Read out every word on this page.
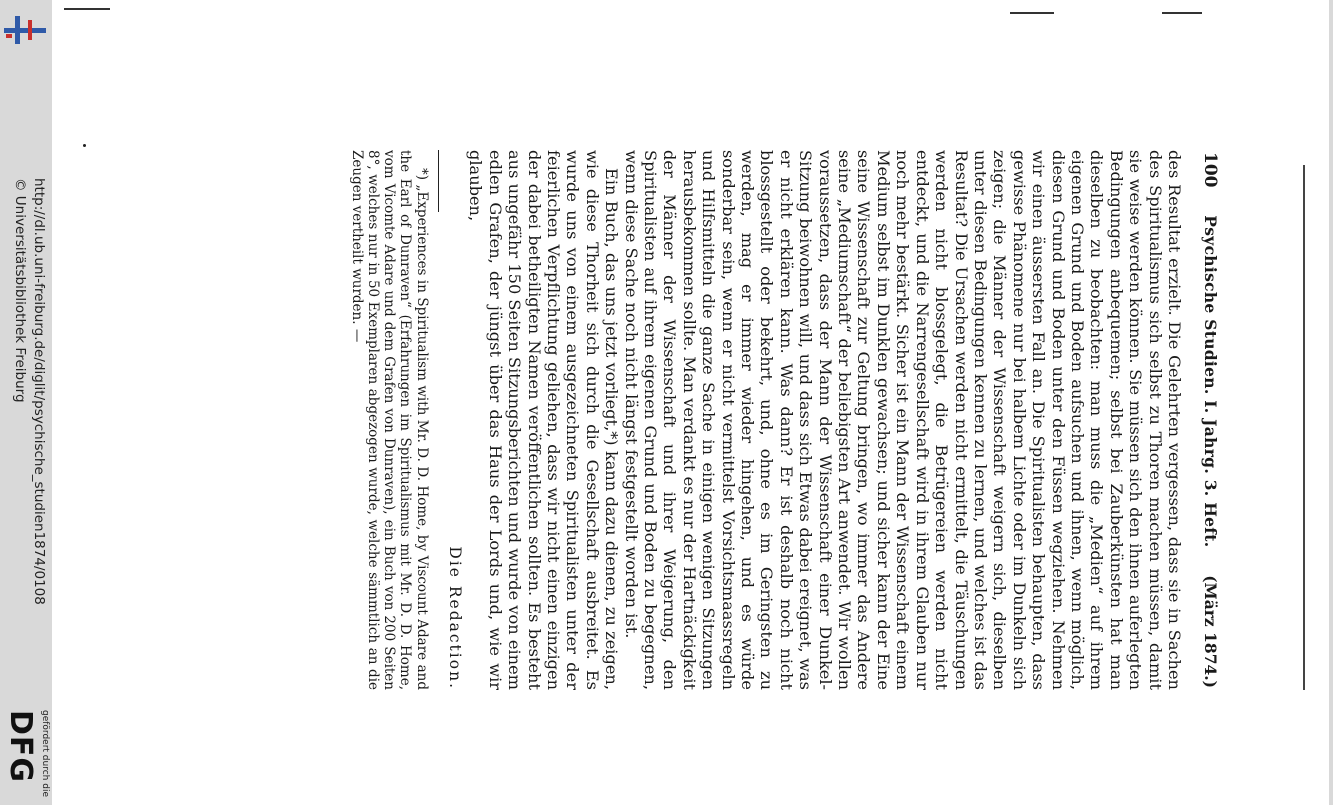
http://dl.ub.uni-freiburg.de/diglit/psychische_studien1874/0108
© Universitätsbibliothek Freiburg
gefördert durch die
DFG
100
Psychische Studien. I. Jahrg. 3. Heft.
(März 1874.)

des Resultat erzielt. Die Gelehrten vergessen, dass sie in Sachen des Spiritualismus sich selbst zu Thoren machen müssen, damit sie weise werden können. Sie müssen sich den ihnen auferlegten Bedingungen anbequemen; selbst bei Zauberkünsten hat man dieselben zu beobachten: man muss die „Medien“ auf ihrem eigenen Grund und Boden aufsuchen und ihnen, wenn möglich, diesen Grund und Boden unter den Füssen wegziehen. Nehmen wir einen äussersten Fall an. Die Spiritualisten behaupten, dass gewisse Phänomene nur bei halbem Lichte oder im Dunkeln sich zeigen; die Männer der Wissenschaft weigern sich, dieselben unter diesen Bedingungen kennen zu lernen, und welches ist das Resultat? Die Ursachen werden nicht ermittelt, die Täuschungen werden nicht blossgelegt, die Betrügereien werden nicht entdeckt, und die Narrengesellschaft wird in ihrem Glauben nur noch mehr bestärkt. Sicher ist ein Mann der Wissenschaft einem Medium selbst im Dunklen gewachsen; und sicher kann der Eine seine Wissenschaft zur Geltung bringen, wo immer das Andere seine „Mediumschaft“ der beliebigsten Art anwendet. Wir wollen voraussetzen, dass der Mann der Wissenschaft einer Dunkel-Sitzung beiwohnen will, und dass sich Etwas dabei ereignet, was er nicht erklären kann. Was dann? Er ist deshalb noch nicht blossgestellt oder bekehrt, und, ohne es im Geringsten zu werden, mag er immer wieder hingehen, und es würde sonderbar sein, wenn er nicht vermittelst Vorsichtsmaassregeln und Hilfsmitteln die ganze Sache in einigen wenigen Sitzungen herausbekommen sollte. Man verdankt es nur der Hartnäckigkeit der Männer der Wissenschaft und ihrer Weigerung, den Spiritualisten auf ihrem eigenen Grund und Boden zu begegnen, wenn diese Sache noch nicht längst festgestellt worden ist.

Ein Buch, das uns jetzt vorliegt,*) kann dazu dienen, zu zeigen, wie diese Thorheit sich durch die Gesellschaft ausbreitet. Es wurde uns von einem ausgezeichneten Spiritualisten unter der feierlichen Verpflichtung geliehen, dass wir nicht einen einzigen der dabei betheiligten Namen veröffentlichen sollten. Es besteht aus ungefähr 150 Seiten Sitzungsberichten und wurde von einem edlen Grafen, der jüngst über das Haus der Lords und, wie wir glauben,

Die Redaction.
*) „Experiences in Spiritualism with Mr. D. D. Home, by Viscount Adare and the Earl of Dunraven“ (Erfahrungen im Spiritualismus mit Mr. D. D. Home, vom Vicomte Adare und dem Grafen von Dunraven), ein Buch von 200 Seiten 8°, welches nur in 50 Exemplaren abgezogen wurde, welche sämmtlich an die Zeugen vertheilt wurden. —
